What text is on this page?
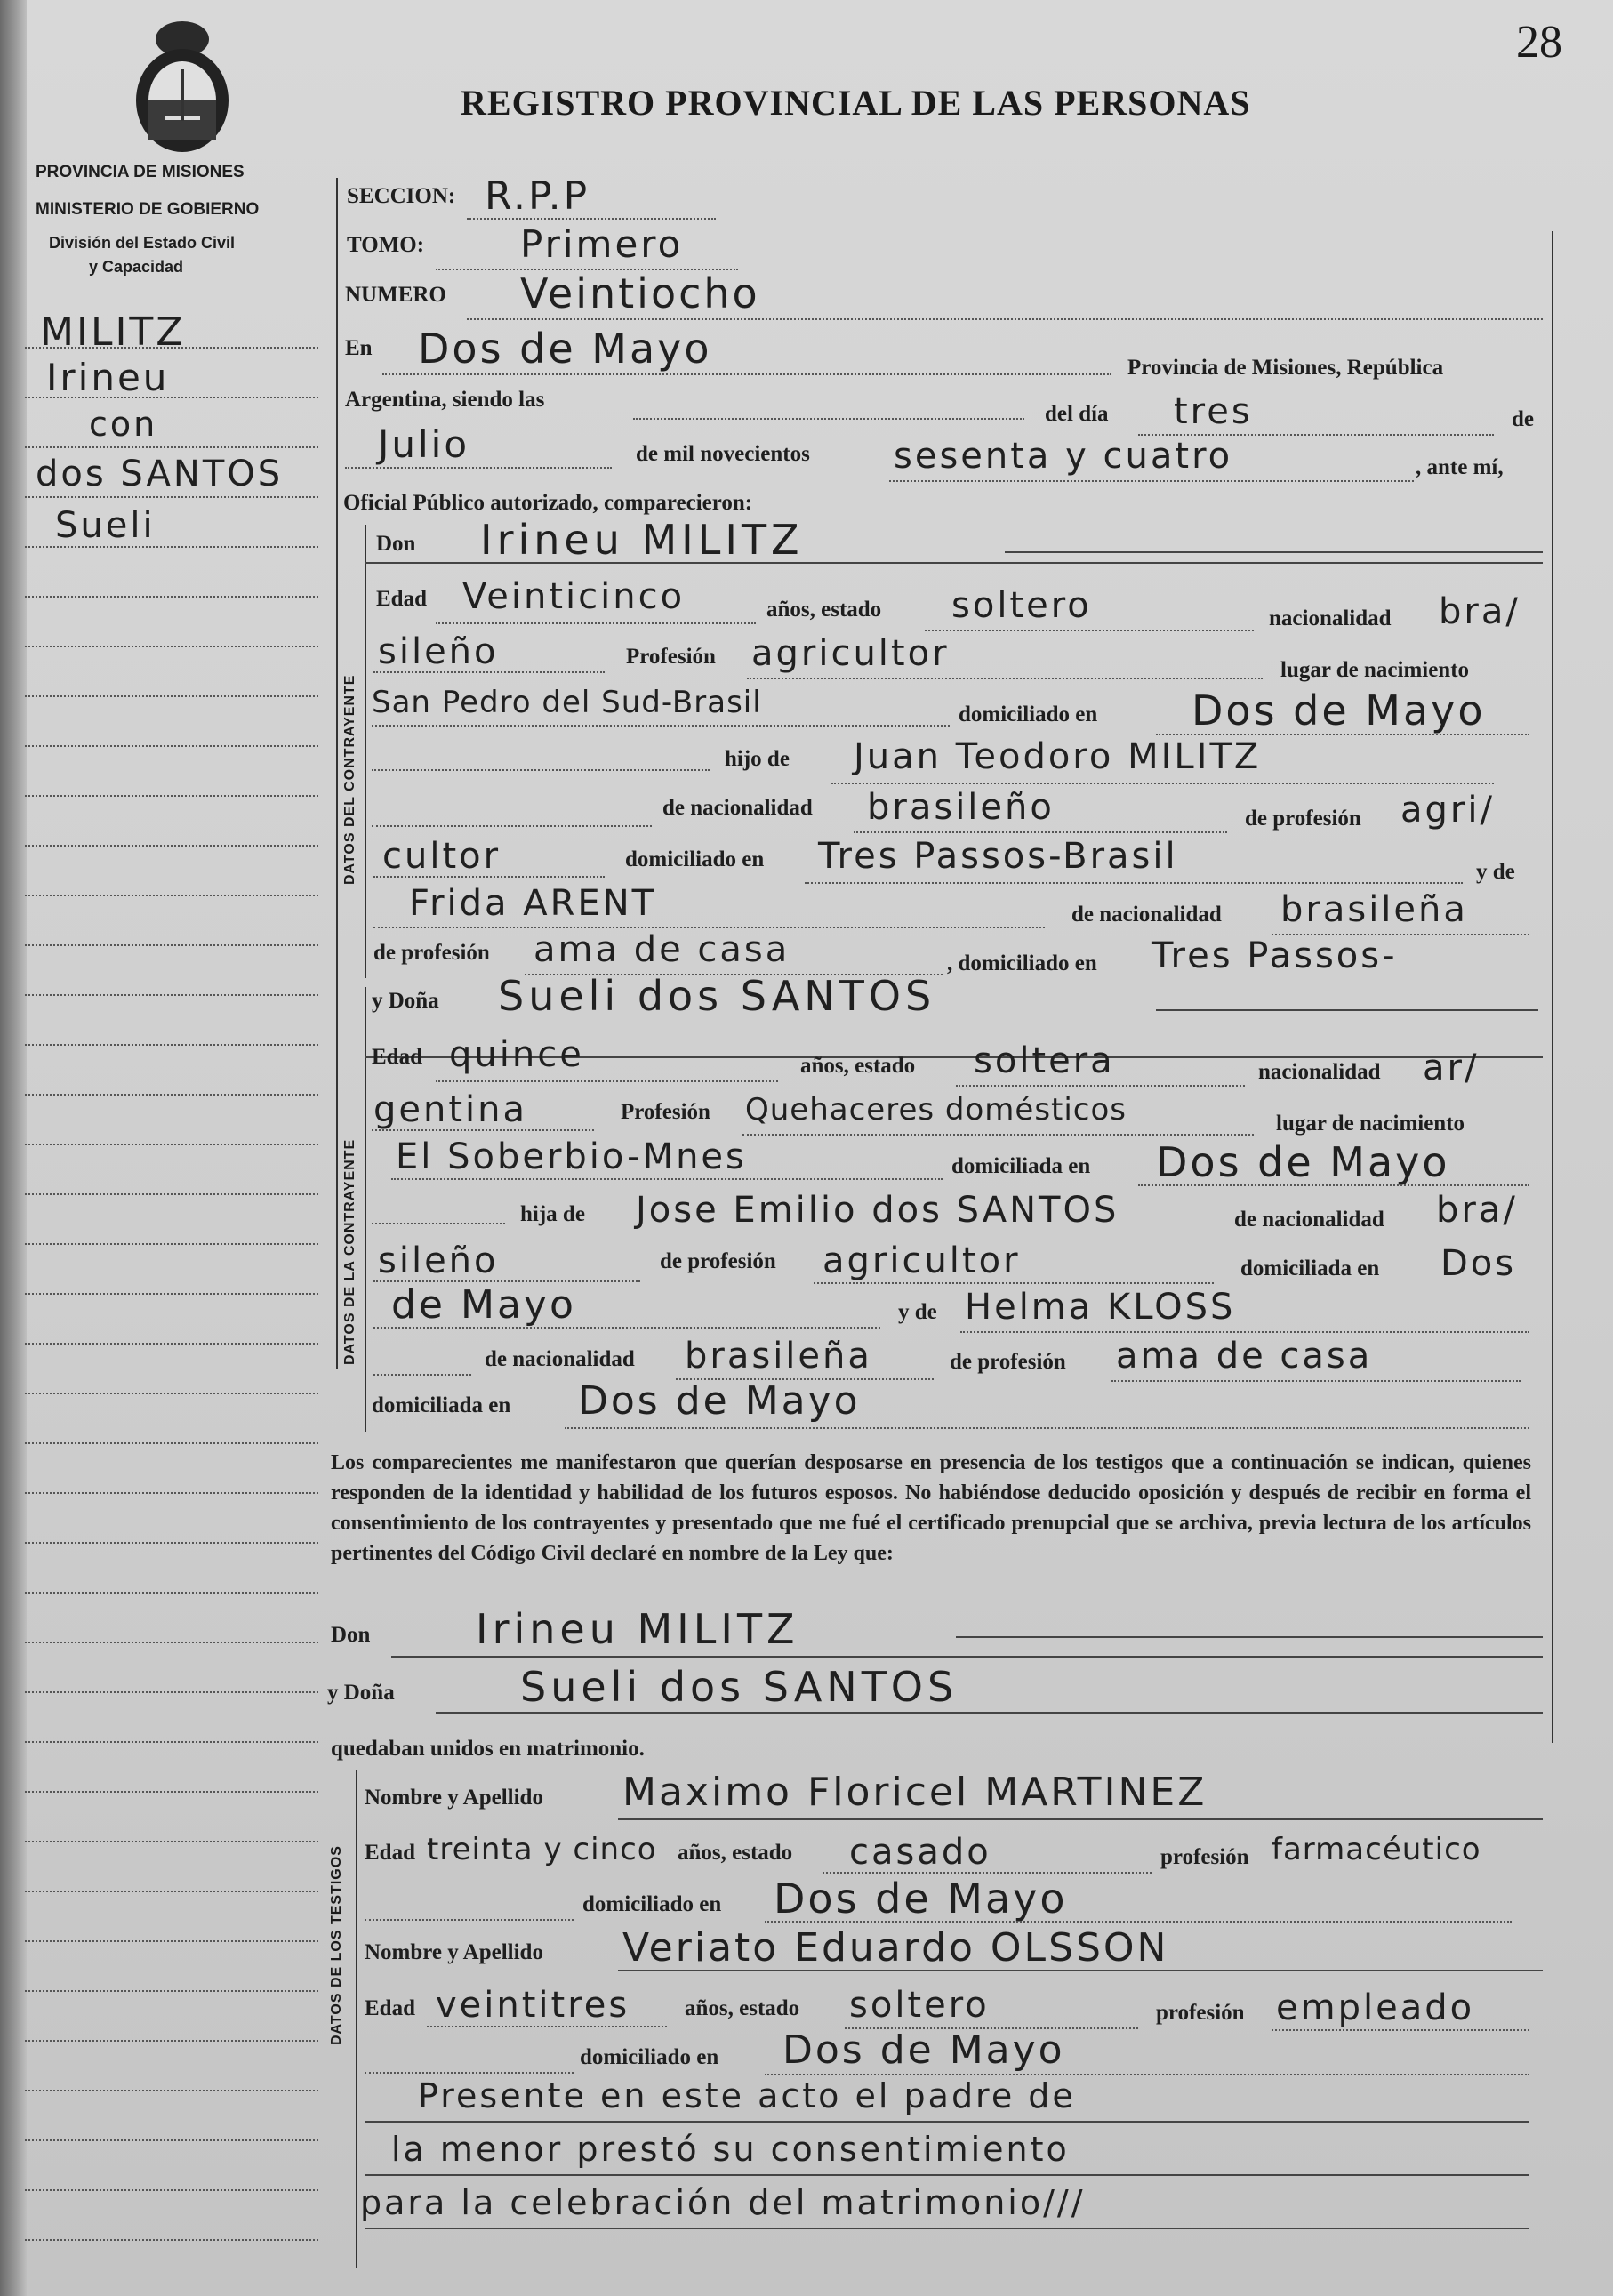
28
REGISTRO PROVINCIAL DE LAS PERSONAS
PROVINCIA DE MISIONES
MINISTERIO DE GOBIERNO
División del Estado Civil
y Capacidad
MILITZ
Irineu
con
dos SANTOS
Sueli
SECCION: R.P.P
TOMO:	Primero
NUMERO Veintiocho
En Dos de Mayo	Provincia de Misiones, República
Argentina, siendo las
del día tres	de
Julio	de mil novecientos sesenta y cuatro	, ante mí,
Oficial Público autorizado, comparecieron:
DATOS DEL CONTRAYENTE
Don Irineu MILITZ
Edad Veinticinco	años, estado soltero	nacionalidad bra/
sileño	Profesión agricultor	lugar de nacimiento
San Pedro del Sud-Brasil	domiciliado en Dos de Mayo
hijo de Juan Teodoro MILITZ
de nacionalidad brasileño	de profesión agri/
cultor	domiciliado en Tres Passos-Brasil	y de
Frida ARENT	de nacionalidad brasileña
de profesión ama de casa	, domiciliado en Tres Passos-
DATOS DE LA CONTRAYENTE
y Doña Sueli dos SANTOS
Edad quince	años, estado soltera	nacionalidad ar/
gentina	Profesión Quehaceres domésticos	lugar de nacimiento
El Soberbio-Mnes	domiciliada en Dos de Mayo
hija de Jose Emilio dos SANTOS	de nacionalidad bra/
sileño	de profesión agricultor	domiciliada en Dos
de Mayo	y de Helma KLOSS
de nacionalidad brasileña	de profesión ama de casa
domiciliada en Dos de Mayo
Los comparecientes me manifestaron que querían desposarse en presencia de los testigos que a continuación se indican, quienes responden de la identidad y habilidad de los futuros esposos. No habiéndose deducido oposición y después de recibir en forma el consentimiento de los contrayentes y presentado que me fué el certificado prenupcial que se archiva, previa lectura de los artículos pertinentes del Código Civil declaré en nombre de la Ley que:
Don	Irineu MILITZ
y Doña	Sueli dos SANTOS
quedaban unidos en matrimonio.
DATOS DE LOS TESTIGOS
Nombre y Apellido Maximo Floricel MARTINEZ
Edad treinta y cinco años, estado casado	profesión farmacéutico
domiciliado en Dos de Mayo
Nombre y Apellido Veriato Eduardo OLSSON
Edad veintitres años, estado soltero	profesión empleado
domiciliado en Dos de Mayo
Presente en este acto el padre de
la menor prestó su consentimiento
para la celebración del matrimonio///
